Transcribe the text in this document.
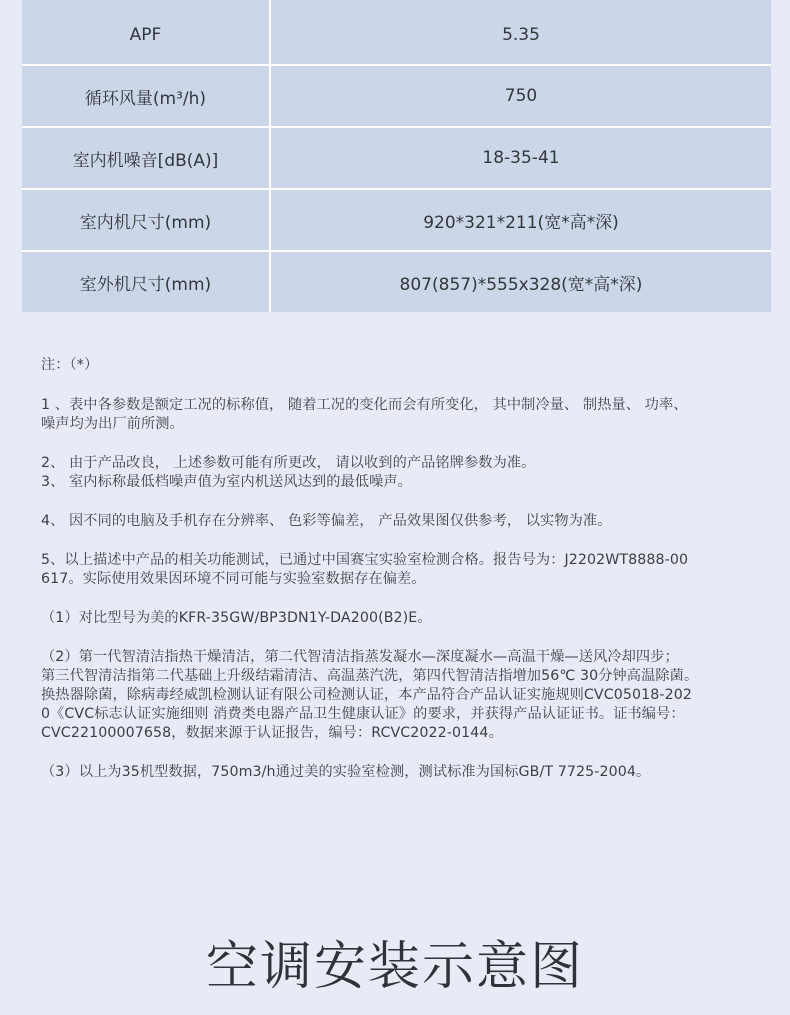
APF	5.35
循环风量(m³/h)	750
室内机噪音[dB(A)]	18-35-41
室内机尺寸(mm)	920*321*211(宽*高*深)
室外机尺寸(mm)	807(857)*555x328(宽*高*深)

注：（*）

1 、表中各参数是额定工况的标称值， 随着工况的变化而会有所变化， 其中制冷量、 制热量、 功率、
噪声均为出厂前所测。

2、 由于产品改良， 上述参数可能有所更改， 请以收到的产品铭牌参数为准。

3、 室内标称最低档噪声值为室内机送风达到的最低噪声。

4、 因不同的电脑及手机存在分辨率、 色彩等偏差， 产品效果图仅供参考， 以实物为准。

5、以上描述中产品的相关功能测试，已通过中国赛宝实验室检测合格。报告号为：J2202WT8888-00
617。实际使用效果因环境不同可能与实验室数据存在偏差。

（1）对比型号为美的KFR-35GW/BP3DN1Y-DA200(B2)E。

（2）第一代智清洁指热干燥清洁，第二代智清洁指蒸发凝水—深度凝水—高温干燥—送风冷却四步；
第三代智清洁指第二代基础上升级结霜清洁、高温蒸汽洗，第四代智清洁指增加56℃ 30分钟高温除菌。
换热器除菌，除病毒经威凯检测认证有限公司检测认证，本产品符合产品认证实施规则CVC05018-202
0《CVC标志认证实施细则 消费类电器产品卫生健康认证》的要求，并获得产品认证证书。证书编号：
CVC22100007658，数据来源于认证报告，编号：RCVC2022-0144。

（3）以上为35机型数据，750m3/h通过美的实验室检测，测试标准为国标GB/T 7725-2004。

空调安装示意图
